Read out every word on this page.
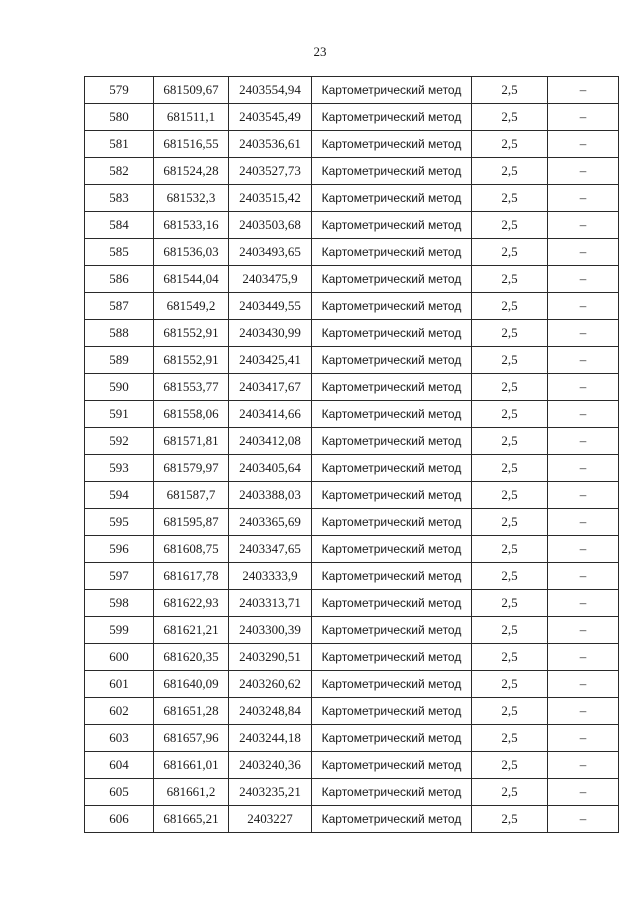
23
579	681509,67	2403554,94	Картометрический метод	2,5	–
580	681511,1	2403545,49	Картометрический метод	2,5	–
581	681516,55	2403536,61	Картометрический метод	2,5	–
582	681524,28	2403527,73	Картометрический метод	2,5	–
583	681532,3	2403515,42	Картометрический метод	2,5	–
584	681533,16	2403503,68	Картометрический метод	2,5	–
585	681536,03	2403493,65	Картометрический метод	2,5	–
586	681544,04	2403475,9	Картометрический метод	2,5	–
587	681549,2	2403449,55	Картометрический метод	2,5	–
588	681552,91	2403430,99	Картометрический метод	2,5	–
589	681552,91	2403425,41	Картометрический метод	2,5	–
590	681553,77	2403417,67	Картометрический метод	2,5	–
591	681558,06	2403414,66	Картометрический метод	2,5	–
592	681571,81	2403412,08	Картометрический метод	2,5	–
593	681579,97	2403405,64	Картометрический метод	2,5	–
594	681587,7	2403388,03	Картометрический метод	2,5	–
595	681595,87	2403365,69	Картометрический метод	2,5	–
596	681608,75	2403347,65	Картометрический метод	2,5	–
597	681617,78	2403333,9	Картометрический метод	2,5	–
598	681622,93	2403313,71	Картометрический метод	2,5	–
599	681621,21	2403300,39	Картометрический метод	2,5	–
600	681620,35	2403290,51	Картометрический метод	2,5	–
601	681640,09	2403260,62	Картометрический метод	2,5	–
602	681651,28	2403248,84	Картометрический метод	2,5	–
603	681657,96	2403244,18	Картометрический метод	2,5	–
604	681661,01	2403240,36	Картометрический метод	2,5	–
605	681661,2	2403235,21	Картометрический метод	2,5	–
606	681665,21	2403227	Картометрический метод	2,5	–
